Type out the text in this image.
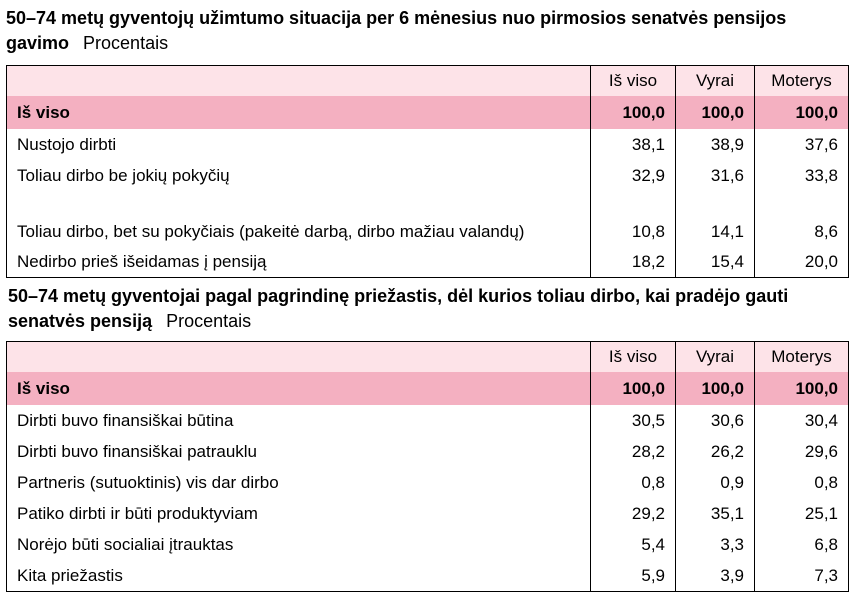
50–74 metų gyventojų užimtumo situacija per 6 mėnesius nuo pirmosios senatvės pensijos gavimo Procentais
	Iš viso	Vyrai	Moterys
Iš viso	100,0	100,0	100,0
Nustojo dirbti	38,1	38,9	37,6
Toliau dirbo be jokių pokyčių	32,9	31,6	33,8
Toliau dirbo, bet su pokyčiais (pakeitė darbą, dirbo mažiau valandų)	10,8	14,1	8,6
Nedirbo prieš išeidamas į pensiją	18,2	15,4	20,0
50–74 metų gyventojai pagal pagrindinę priežastis, dėl kurios toliau dirbo, kai pradėjo gauti senatvės pensiją Procentais
	Iš viso	Vyrai	Moterys
Iš viso	100,0	100,0	100,0
Dirbti buvo finansiškai būtina	30,5	30,6	30,4
Dirbti buvo finansiškai patrauklu	28,2	26,2	29,6
Partneris (sutuoktinis) vis dar dirbo	0,8	0,9	0,8
Patiko dirbti ir būti produktyviam	29,2	35,1	25,1
Norėjo būti socialiai įtrauktas	5,4	3,3	6,8
Kita priežastis	5,9	3,9	7,3
